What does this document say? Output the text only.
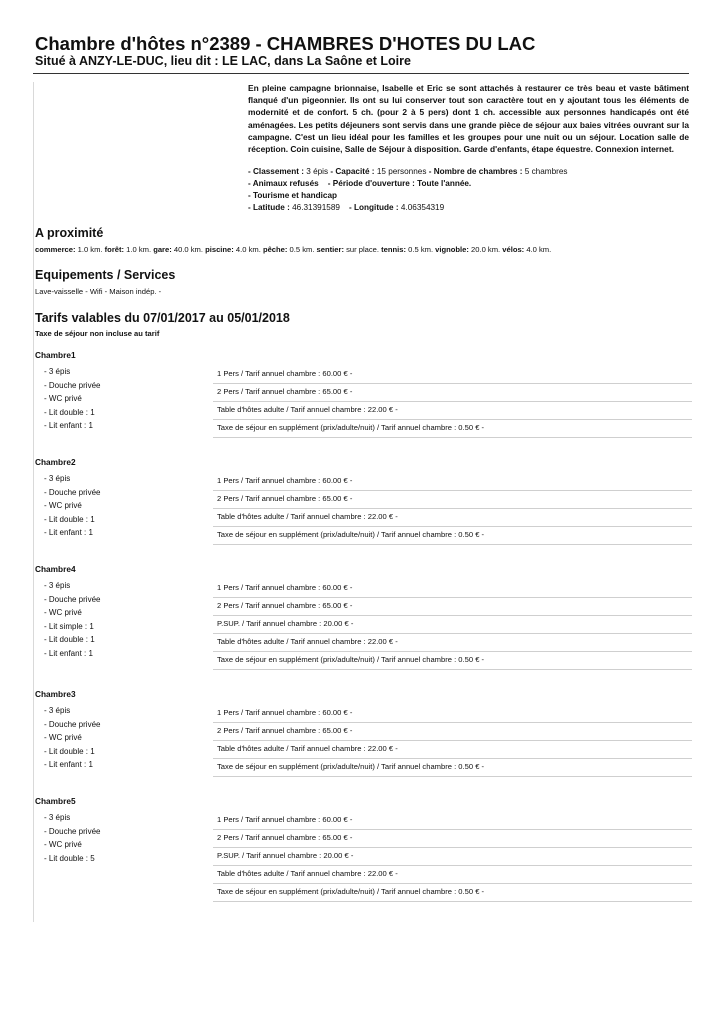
Chambre d'hôtes n°2389 - CHAMBRES D'HOTES DU LAC
Situé à ANZY-LE-DUC, lieu dit : LE LAC, dans La Saône et Loire
En pleine campagne brionnaise, Isabelle et Eric se sont attachés à restaurer ce très beau et vaste bâtiment flanqué d'un pigeonnier. Ils ont su lui conserver tout son caractère tout en y ajoutant tous les éléments de modernité et de confort. 5 ch. (pour 2 à 5 pers) dont 1 ch. accessible aux personnes handicapés ont été aménagées. Les petits déjeuners sont servis dans une grande pièce de séjour aux baies vitrées ouvrant sur la campagne. C'est un lieu idéal pour les familles et les groupes pour une nuit ou un séjour. Location salle de réception. Coin cuisine, Salle de Séjour à disposition. Garde d'enfants, étape équestre. Connexion internet.
- Classement : 3 épis - Capacité : 15 personnes - Nombre de chambres : 5 chambres
- Animaux refusés - Période d'ouverture : Toute l'année.
- Tourisme et handicap
- Latitude : 46.31391589 - Longitude : 4.06354319
A proximité
commerce: 1.0 km. forêt: 1.0 km. gare: 40.0 km. piscine: 4.0 km. pêche: 0.5 km. sentier: sur place. tennis: 0.5 km. vignoble: 20.0 km. vélos: 4.0 km.
Equipements / Services
Lave-vaisselle - Wifi - Maison indép. -
Tarifs valables du 07/01/2017 au 05/01/2018
Taxe de séjour non incluse au tarif
Chambre1
- 3 épis
- Douche privée
- WC privé
- Lit double : 1
- Lit enfant : 1
1 Pers / Tarif annuel chambre : 60.00 € -
2 Pers / Tarif annuel chambre : 65.00 € -
Table d'hôtes adulte / Tarif annuel chambre : 22.00 € -
Taxe de séjour en supplément (prix/adulte/nuit) / Tarif annuel chambre : 0.50 € -
Chambre2
- 3 épis
- Douche privée
- WC privé
- Lit double : 1
- Lit enfant : 1
1 Pers / Tarif annuel chambre : 60.00 € -
2 Pers / Tarif annuel chambre : 65.00 € -
Table d'hôtes adulte / Tarif annuel chambre : 22.00 € -
Taxe de séjour en supplément (prix/adulte/nuit) / Tarif annuel chambre : 0.50 € -
Chambre4
- 3 épis
- Douche privée
- WC privé
- Lit simple : 1
- Lit double : 1
- Lit enfant : 1
1 Pers / Tarif annuel chambre : 60.00 € -
2 Pers / Tarif annuel chambre : 65.00 € -
P.SUP. / Tarif annuel chambre : 20.00 € -
Table d'hôtes adulte / Tarif annuel chambre : 22.00 € -
Taxe de séjour en supplément (prix/adulte/nuit) / Tarif annuel chambre : 0.50 € -
Chambre3
- 3 épis
- Douche privée
- WC privé
- Lit double : 1
- Lit enfant : 1
1 Pers / Tarif annuel chambre : 60.00 € -
2 Pers / Tarif annuel chambre : 65.00 € -
Table d'hôtes adulte / Tarif annuel chambre : 22.00 € -
Taxe de séjour en supplément (prix/adulte/nuit) / Tarif annuel chambre : 0.50 € -
Chambre5
- 3 épis
- Douche privée
- WC privé
- Lit double : 5
1 Pers / Tarif annuel chambre : 60.00 € -
2 Pers / Tarif annuel chambre : 65.00 € -
P.SUP. / Tarif annuel chambre : 20.00 € -
Table d'hôtes adulte / Tarif annuel chambre : 22.00 € -
Taxe de séjour en supplément (prix/adulte/nuit) / Tarif annuel chambre : 0.50 € -
